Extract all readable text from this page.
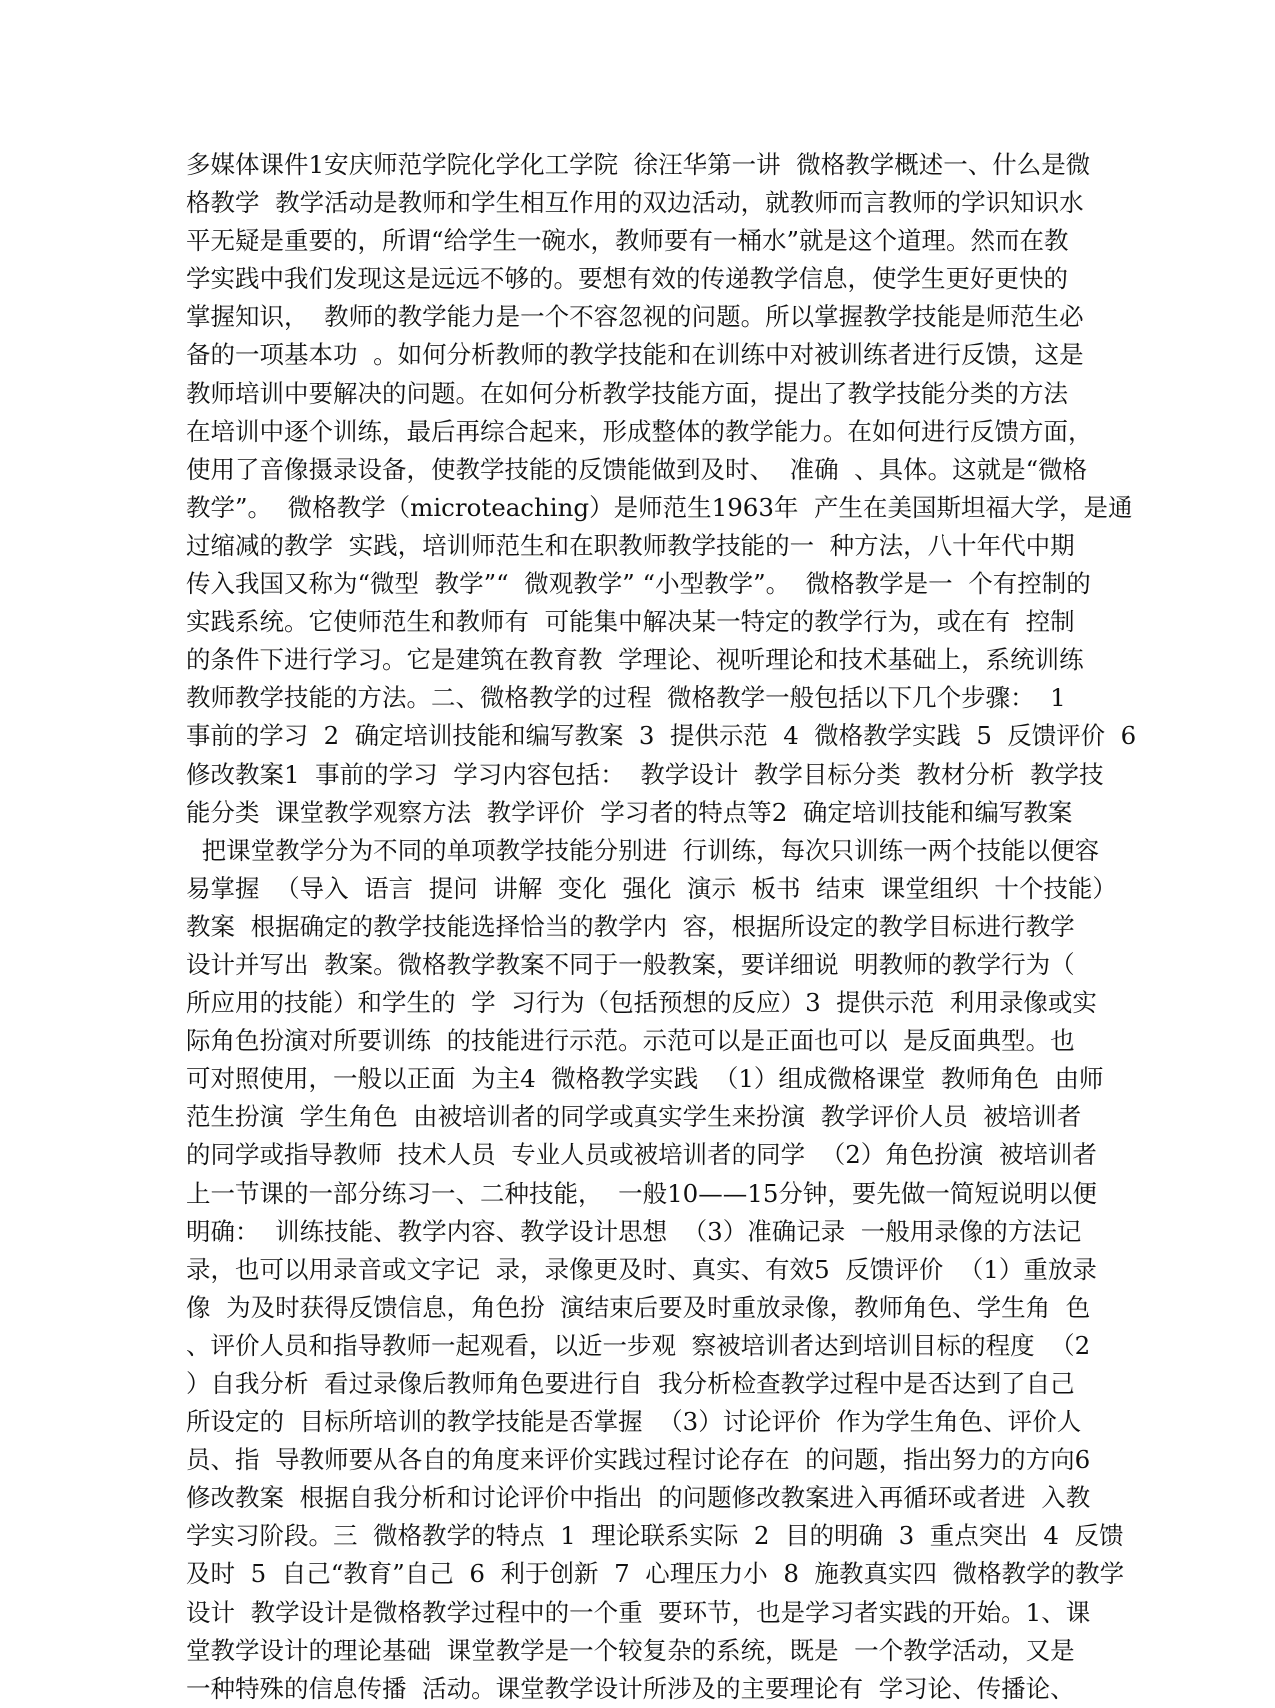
多媒体课件1安庆师范学院化学化工学院  徐汪华第一讲  微格教学概述一、什么是微
格教学  教学活动是教师和学生相互作用的双边活动，就教师而言教师的学识知识水
平无疑是重要的，所谓“给学生一碗水，教师要有一桶水”就是这个道理。然而在教
学实践中我们发现这是远远不够的。要想有效的传递教学信息，使学生更好更快的
掌握知识，  教师的教学能力是一个不容忽视的问题。所以掌握教学技能是师范生必
备的一项基本功  。如何分析教师的教学技能和在训练中对被训练者进行反馈，这是
教师培训中要解决的问题。在如何分析教学技能方面，提出了教学技能分类的方法
在培训中逐个训练，最后再综合起来，形成整体的教学能力。在如何进行反馈方面，
使用了音像摄录设备，使教学技能的反馈能做到及时、  准确  、具体。这就是“微格
教学”。  微格教学（microteaching）是师范生1963年  产生在美国斯坦福大学，是通
过缩减的教学  实践，培训师范生和在职教师教学技能的一  种方法，八十年代中期
传入我国又称为“微型  教学”“  微观教学” “小型教学”。  微格教学是一  个有控制的
实践系统。它使师范生和教师有  可能集中解决某一特定的教学行为，或在有  控制
的条件下进行学习。它是建筑在教育教  学理论、视听理论和技术基础上，系统训练
教师教学技能的方法。二、微格教学的过程  微格教学一般包括以下几个步骤：  1
事前的学习  2  确定培训技能和编写教案  3  提供示范  4  微格教学实践  5  反馈评价  6
修改教案1  事前的学习  学习内容包括：  教学设计  教学目标分类  教材分析  教学技
能分类  课堂教学观察方法  教学评价  学习者的特点等2  确定培训技能和编写教案
把课堂教学分为不同的单项教学技能分别进  行训练，每次只训练一两个技能以便容
易掌握  （导入  语言  提问  讲解  变化  强化  演示  板书  结束  课堂组织  十个技能）
教案  根据确定的教学技能选择恰当的教学内  容，根据所设定的教学目标进行教学
设计并写出  教案。微格教学教案不同于一般教案，要详细说  明教师的教学行为（
所应用的技能）和学生的  学  习行为（包括预想的反应）3  提供示范  利用录像或实
际角色扮演对所要训练  的技能进行示范。示范可以是正面也可以  是反面典型。也
可对照使用，一般以正面  为主4  微格教学实践  （1）组成微格课堂  教师角色  由师
范生扮演  学生角色  由被培训者的同学或真实学生来扮演  教学评价人员  被培训者
的同学或指导教师  技术人员  专业人员或被培训者的同学  （2）角色扮演  被培训者
上一节课的一部分练习一、二种技能，  一般10——15分钟，要先做一简短说明以便
明确：  训练技能、教学内容、教学设计思想  （3）准确记录  一般用录像的方法记
录，也可以用录音或文字记  录，录像更及时、真实、有效5  反馈评价  （1）重放录
像  为及时获得反馈信息，角色扮  演结束后要及时重放录像，教师角色、学生角  色
、评价人员和指导教师一起观看，以近一步观  察被培训者达到培训目标的程度  （2
）自我分析  看过录像后教师角色要进行自  我分析检查教学过程中是否达到了自己
所设定的  目标所培训的教学技能是否掌握  （3）讨论评价  作为学生角色、评价人
员、指  导教师要从各自的角度来评价实践过程讨论存在  的问题，指出努力的方向6
修改教案  根据自我分析和讨论评价中指出  的问题修改教案进入再循环或者进  入教
学实习阶段。三  微格教学的特点  1  理论联系实际  2  目的明确  3  重点突出  4  反馈
及时  5  自己“教育”自己  6  利于创新  7  心理压力小  8  施教真实四  微格教学的教学
设计  教学设计是微格教学过程中的一个重  要环节，也是学习者实践的开始。1、课
堂教学设计的理论基础  课堂教学是一个较复杂的系统，既是  一个教学活动，又是
一种特殊的信息传播  活动。课堂教学设计所涉及的主要理论有  学习论、传播论、
